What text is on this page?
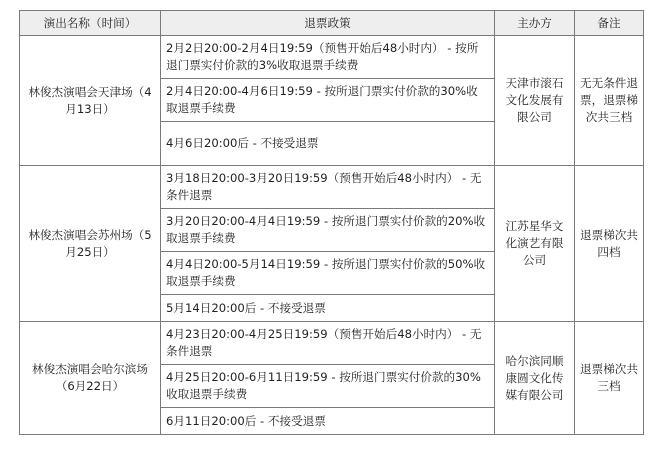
演出名称（时间）	退票政策	主办方	备注
林俊杰演唱会天津场（4月13日）	2月2日20:00-2月4日19:59（预售开始后48小时内） - 按所退门票实付价款的3%收取退票手续费
2月4日20:00-4月6日19:59 - 按所退门票实付价款的30%收取退票手续费
4月6日20:00后 - 不接受退票	天津市滚石文化发展有限公司	无无条件退票，退票梯次共三档
林俊杰演唱会苏州场（5月25日）	3月18日20:00-3月20日19:59（预售开始后48小时内） - 无条件退票
3月20日20:00-4月4日19:59 - 按所退门票实付价款的20%收取退票手续费
4月4日20:00-5月14日19:59 - 按所退门票实付价款的50%收取退票手续费
5月14日20:00后 - 不接受退票	江苏星华文化演艺有限公司	退票梯次共四档
林俊杰演唱会哈尔滨场（6月22日）	4月23日20:00-4月25日19:59（预售开始后48小时内） - 无条件退票
4月25日20:00-6月11日19:59 - 按所退门票实付价款的30%收取退票手续费
6月11日20:00后 - 不接受退票	哈尔滨同顺康圆文化传媒有限公司	退票梯次共三档
